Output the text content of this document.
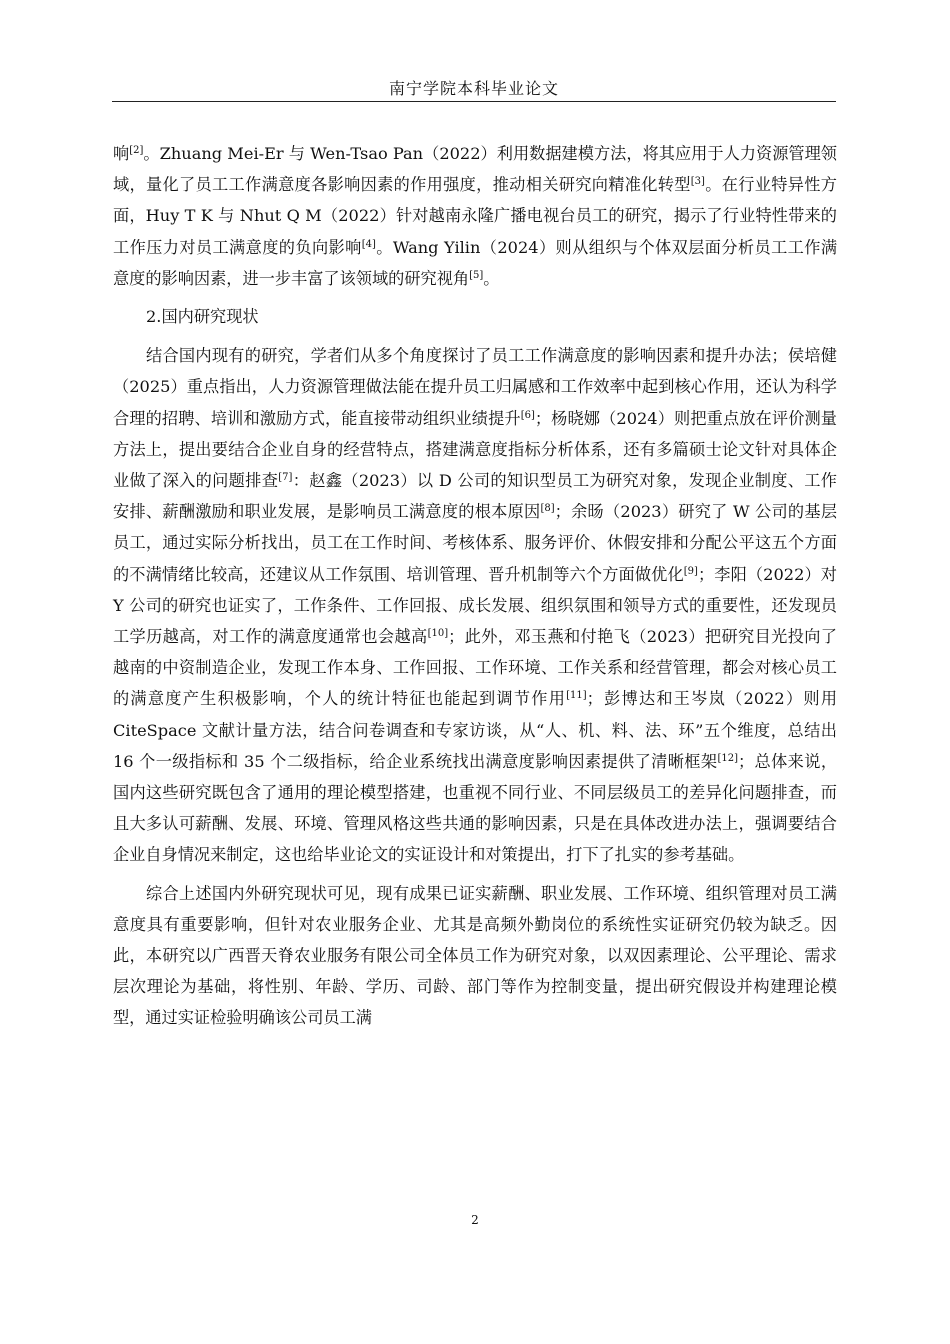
南宁学院本科毕业论文

响[2]。Zhuang Mei-Er 与 Wen-Tsao Pan（2022）利用数据建模方法，将其应用于人力资源管理领域，量化了员工工作满意度各影响因素的作用强度，推动相关研究向精准化转型[3]。在行业特异性方面，Huy T K 与 Nhut Q M（2022）针对越南永隆广播电视台员工的研究，揭示了行业特性带来的工作压力对员工满意度的负向影响[4]。Wang Yilin（2024）则从组织与个体双层面分析员工工作满意度的影响因素，进一步丰富了该领域的研究视角[5]。

2.国内研究现状

结合国内现有的研究，学者们从多个角度探讨了员工工作满意度的影响因素和提升办法；侯培健（2025）重点指出，人力资源管理做法能在提升员工归属感和工作效率中起到核心作用，还认为科学合理的招聘、培训和激励方式，能直接带动组织业绩提升[6]；杨晓娜（2024）则把重点放在评价测量方法上，提出要结合企业自身的经营特点，搭建满意度指标分析体系，还有多篇硕士论文针对具体企业做了深入的问题排查[7]：赵鑫（2023）以 D 公司的知识型员工为研究对象，发现企业制度、工作安排、薪酬激励和职业发展，是影响员工满意度的根本原因[8]；余旸（2023）研究了 W 公司的基层员工，通过实际分析找出，员工在工作时间、考核体系、服务评价、休假安排和分配公平这五个方面的不满情绪比较高，还建议从工作氛围、培训管理、晋升机制等六个方面做优化[9]；李阳（2022）对 Y 公司的研究也证实了，工作条件、工作回报、成长发展、组织氛围和领导方式的重要性，还发现员工学历越高，对工作的满意度通常也会越高[10]；此外，邓玉燕和付艳飞（2023）把研究目光投向了越南的中资制造企业，发现工作本身、工作回报、工作环境、工作关系和经营管理，都会对核心员工的满意度产生积极影响，个人的统计特征也能起到调节作用[11]；彭博达和王岑岚（2022）则用 CiteSpace 文献计量方法，结合问卷调查和专家访谈，从“人、机、料、法、环”五个维度，总结出 16 个一级指标和 35 个二级指标，给企业系统找出满意度影响因素提供了清晰框架[12]；总体来说，国内这些研究既包含了通用的理论模型搭建，也重视不同行业、不同层级员工的差异化问题排查，而且大多认可薪酬、发展、环境、管理风格这些共通的影响因素，只是在具体改进办法上，强调要结合企业自身情况来制定，这也给毕业论文的实证设计和对策提出，打下了扎实的参考基础。

综合上述国内外研究现状可见，现有成果已证实薪酬、职业发展、工作环境、组织管理对员工满意度具有重要影响，但针对农业服务企业、尤其是高频外勤岗位的系统性实证研究仍较为缺乏。因此，本研究以广西晋天脊农业服务有限公司全体员工作为研究对象，以双因素理论、公平理论、需求层次理论为基础，将性别、年龄、学历、司龄、部门等作为控制变量，提出研究假设并构建理论模型，通过实证检验明确该公司员工满

2
